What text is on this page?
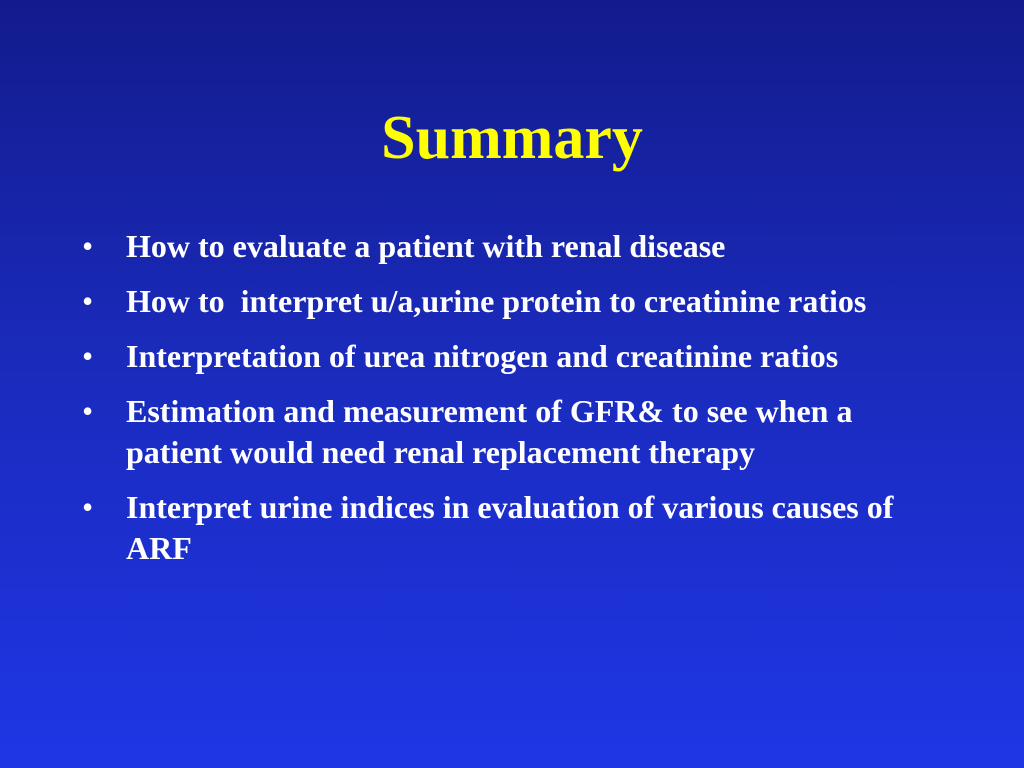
Summary
• How to evaluate a patient with renal disease
• How to  interpret u/a,urine protein to creatinine ratios
• Interpretation of urea nitrogen and creatinine ratios
• Estimation and measurement of GFR& to see when a patient would need renal replacement therapy
• Interpret urine indices in evaluation of various causes of ARF
